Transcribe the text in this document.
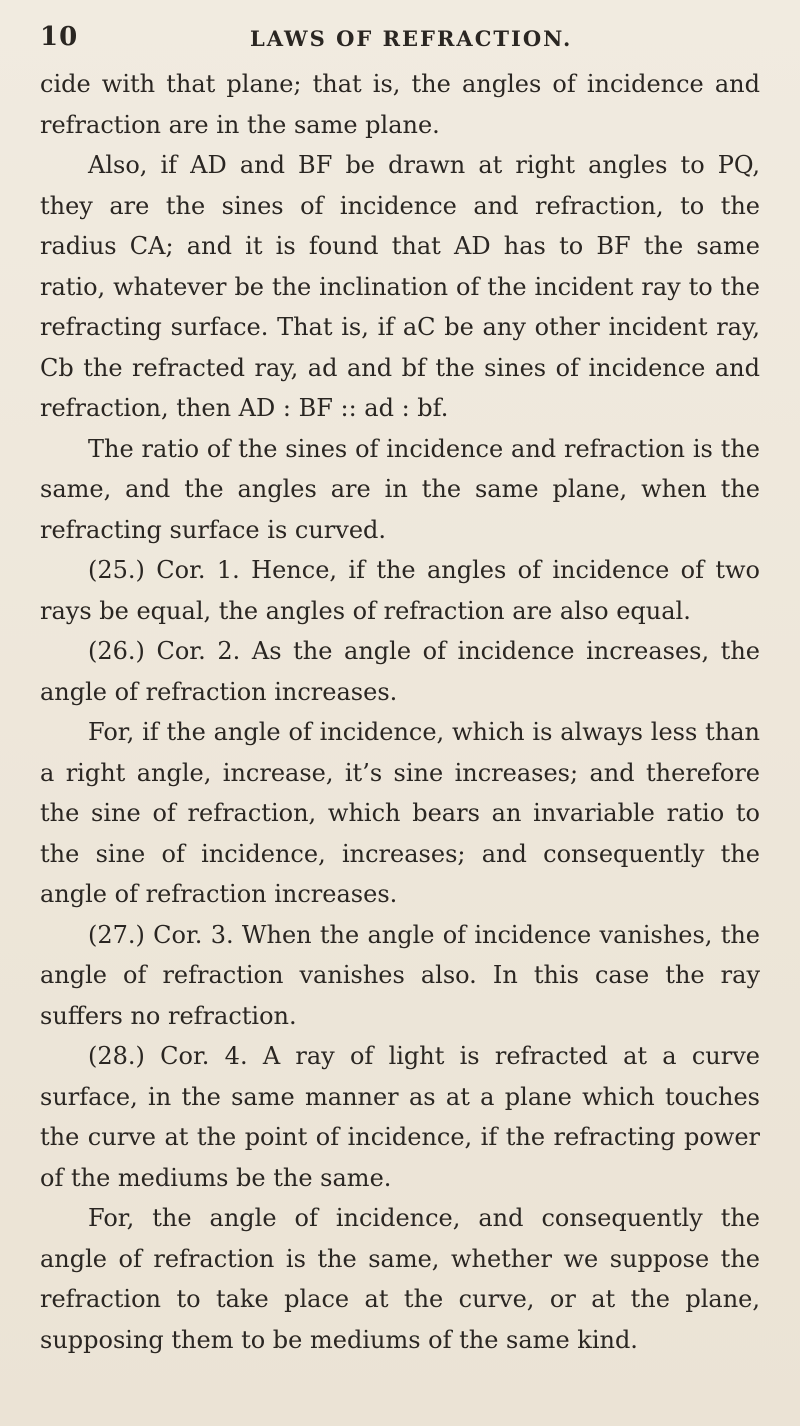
10	LAWS OF REFRACTION.

cide with that plane; that is, the angles of incidence and refraction are in the same plane.

Also, if AD and BF be drawn at right angles to PQ, they are the sines of incidence and refraction, to the radius CA; and it is found that AD has to BF the same ratio, whatever be the inclination of the incident ray to the refracting surface. That is, if aC be any other incident ray, Cb the refracted ray, ad and bf the sines of incidence and refraction, then AD : BF :: ad : bf.

The ratio of the sines of incidence and refraction is the same, and the angles are in the same plane, when the refracting surface is curved.

(25.) Cor. 1. Hence, if the angles of incidence of two rays be equal, the angles of refraction are also equal.

(26.) Cor. 2. As the angle of incidence increases, the angle of refraction increases.

For, if the angle of incidence, which is always less than a right angle, increase, it’s sine increases; and therefore the sine of refraction, which bears an invariable ratio to the sine of incidence, increases; and consequently the angle of refraction increases.

(27.) Cor. 3. When the angle of incidence vanishes, the angle of refraction vanishes also. In this case the ray suffers no refraction.

(28.) Cor. 4. A ray of light is refracted at a curve surface, in the same manner as at a plane which touches the curve at the point of incidence, if the refracting power of the mediums be the same.

For, the angle of incidence, and consequently the angle of refraction is the same, whether we suppose the refraction to take place at the curve, or at the plane, supposing them to be mediums of the same kind.
